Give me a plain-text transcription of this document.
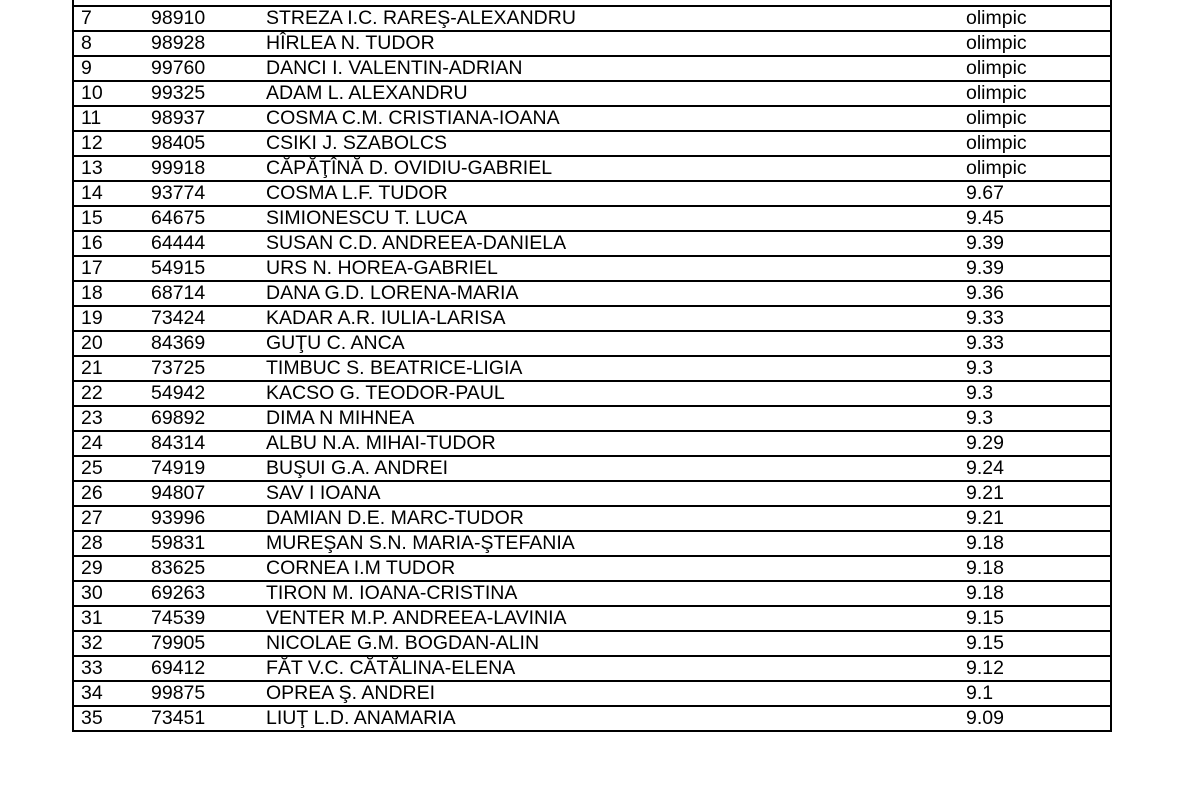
7	98910	STREZA I.C. RAREŞ-ALEXANDRU	olimpic
8	98928	HÎRLEA N. TUDOR	olimpic
9	99760	DANCI I. VALENTIN-ADRIAN	olimpic
10	99325	ADAM L. ALEXANDRU	olimpic
11	98937	COSMA C.M. CRISTIANA-IOANA	olimpic
12	98405	CSIKI J. SZABOLCS	olimpic
13	99918	CĂPĂŢÎNĂ D. OVIDIU-GABRIEL	olimpic
14	93774	COSMA L.F. TUDOR	9.67
15	64675	SIMIONESCU T. LUCA	9.45
16	64444	SUSAN C.D. ANDREEA-DANIELA	9.39
17	54915	URS N. HOREA-GABRIEL	9.39
18	68714	DANA G.D. LORENA-MARIA	9.36
19	73424	KADAR A.R. IULIA-LARISA	9.33
20	84369	GUŢU C. ANCA	9.33
21	73725	TIMBUC S. BEATRICE-LIGIA	9.3
22	54942	KACSO G. TEODOR-PAUL	9.3
23	69892	DIMA N MIHNEA	9.3
24	84314	ALBU N.A. MIHAI-TUDOR	9.29
25	74919	BUŞUI G.A. ANDREI	9.24
26	94807	SAV I IOANA	9.21
27	93996	DAMIAN D.E. MARC-TUDOR	9.21
28	59831	MUREŞAN S.N. MARIA-ŞTEFANIA	9.18
29	83625	CORNEA I.M TUDOR	9.18
30	69263	TIRON M. IOANA-CRISTINA	9.18
31	74539	VENTER M.P. ANDREEA-LAVINIA	9.15
32	79905	NICOLAE G.M. BOGDAN-ALIN	9.15
33	69412	FĂT V.C. CĂTĂLINA-ELENA	9.12
34	99875	OPREA Ş. ANDREI	9.1
35	73451	LIUŢ L.D. ANAMARIA	9.09
